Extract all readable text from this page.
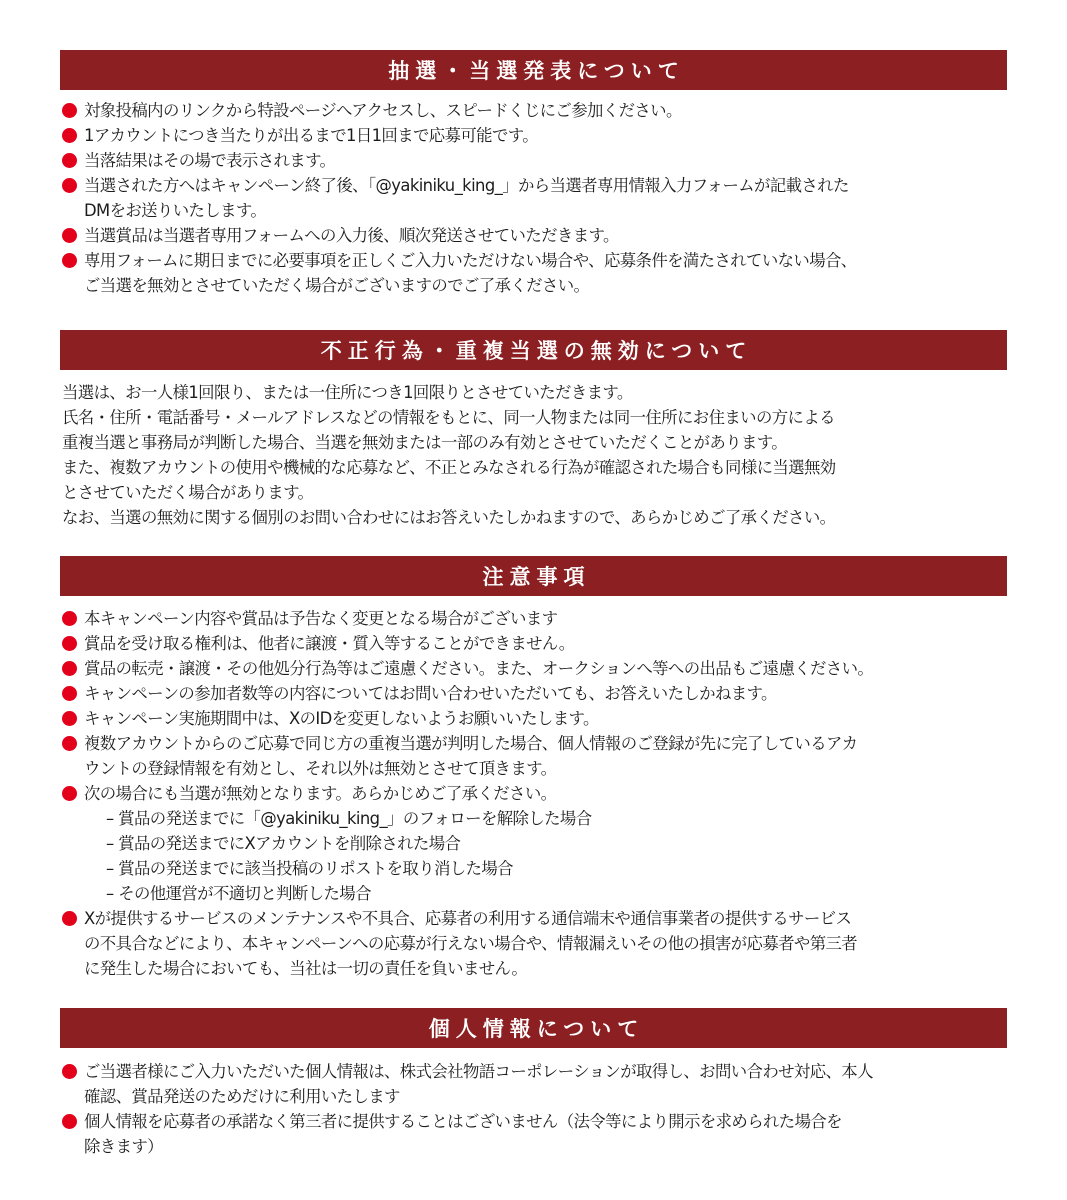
抽選・当選発表について
対象投稿内のリンクから特設ページへアクセスし、スピードくじにご参加ください。
1アカウントにつき当たりが出るまで1日1回まで応募可能です。
当落結果はその場で表示されます。
当選された方へはキャンペーン終了後、「@yakiniku_king_」から当選者専用情報入力フォームが記載された
DMをお送りいたします。
当選賞品は当選者専用フォームへの入力後、順次発送させていただきます。
専用フォームに期日までに必要事項を正しくご入力いただけない場合や、応募条件を満たされていない場合、
ご当選を無効とさせていただく場合がございますのでご了承ください。
不正行為・重複当選の無効について
当選は、お一人様1回限り、または一住所につき1回限りとさせていただきます。
氏名・住所・電話番号・メールアドレスなどの情報をもとに、同一人物または同一住所にお住まいの方による
重複当選と事務局が判断した場合、当選を無効または一部のみ有効とさせていただくことがあります。
また、複数アカウントの使用や機械的な応募など、不正とみなされる行為が確認された場合も同様に当選無効
とさせていただく場合があります。
なお、当選の無効に関する個別のお問い合わせにはお答えいたしかねますので、あらかじめご了承ください。
注意事項
本キャンペーン内容や賞品は予告なく変更となる場合がございます
賞品を受け取る権利は、他者に譲渡・質入等することができません。
賞品の転売・譲渡・その他処分行為等はご遠慮ください。また、オークションへ等への出品もご遠慮ください。
キャンペーンの参加者数等の内容についてはお問い合わせいただいても、お答えいたしかねます。
キャンペーン実施期間中は、XのIDを変更しないようお願いいたします。
複数アカウントからのご応募で同じ方の重複当選が判明した場合、個人情報のご登録が先に完了しているアカ
ウントの登録情報を有効とし、それ以外は無効とさせて頂きます。
次の場合にも当選が無効となります。あらかじめご了承ください。
– 賞品の発送までに「@yakiniku_king_」のフォローを解除した場合
– 賞品の発送までにXアカウントを削除された場合
– 賞品の発送までに該当投稿のリポストを取り消した場合
– その他運営が不適切と判断した場合
Xが提供するサービスのメンテナンスや不具合、応募者の利用する通信端末や通信事業者の提供するサービス
の不具合などにより、本キャンペーンへの応募が行えない場合や、情報漏えいその他の損害が応募者や第三者
に発生した場合においても、当社は一切の責任を負いません。
個人情報について
ご当選者様にご入力いただいた個人情報は、株式会社物語コーポレーションが取得し、お問い合わせ対応、本人
確認、賞品発送のためだけに利用いたします
個人情報を応募者の承諾なく第三者に提供することはございません（法令等により開示を求められた場合を
除きます）
